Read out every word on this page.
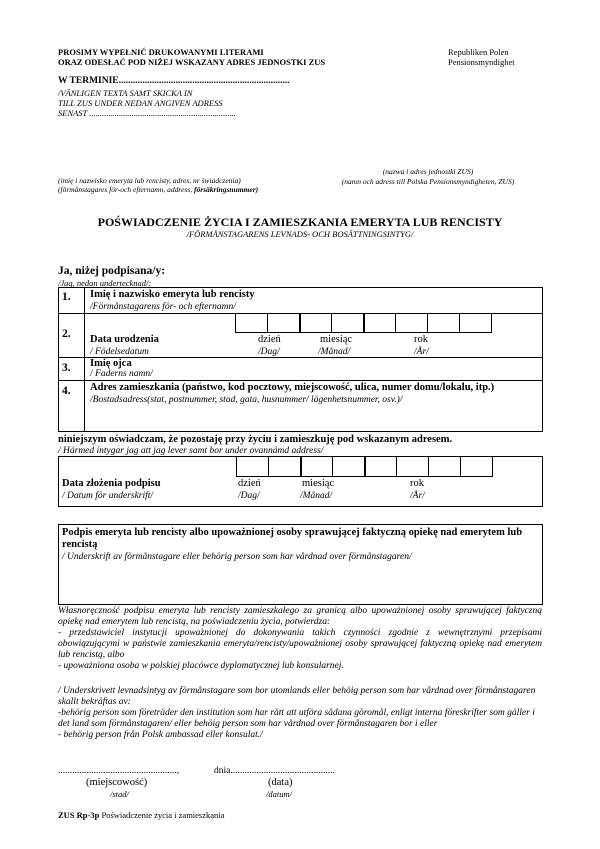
PROSIMY WYPEŁNIĆ DRUKOWANYMI LITERAMI
ORAZ ODESŁAĆ POD NIŻEJ WSKAZANY ADRES JEDNOSTKI ZUS
Republiken Polen
Pensionsmyndighet
W TERMINIE........................................................................
/VÄNLIGEN TEXTA SAMT SKICKA IN
TILL ZUS UNDER NEDAN ANGIVEN ADRESS
SENAST .....................................................................
(imię i nazwisko emeryta lub rencisty, adres, nr świadczenia)
(förmånstagares för-och efternamn, address, försäkringsnummer)
(nazwa i adres jednostki ZUS)
(namn och adress till Polska Pensionsmyndigheten, ZUS)
POŚWIADCZENIE ŻYCIA I ZAMIESZKANIA EMERYTA LUB RENCISTY
/FÖRMÅNSTAGARENS LEVNADS- OCH BOSÄTTNINGSINTYG/
Ja, niżej podpisana/y:
/Jag, nedan undertecknad/:
1. Imię i nazwisko emeryta lub rencisty
/Förmånstagarens för- och efternamn/
2. Data urodzenia
/ Födelsedatum
dzień
/Dag/
miesiąc
/Månad/
rok
/År/
3. Imię ojca
/ Faderns namn/
4. Adres zamieszkania (państwo, kod pocztowy, miejscowość, ulica, numer domu/lokalu, itp.)
/Bostadsadress(stat, postnummer, stad, gata, husnummer/ lägenhetsnummer, osv.)/
niniejszym oświadczam, że pozostaję przy życiu i zamieszkuję pod wskazanym adresem.
/ Härmed intygar jag att jag lever samt bor under ovannämd address/
Data złożenia podpisu
/ Datum för underskrift/
dzień
/Dag/
miesiąc
/Månad/
rok
/År/
Podpis emeryta lub rencisty albo upoważnionej osoby sprawującej faktyczną opiekę nad emerytem lub rencistą
/ Underskrift av förmånstagare eller behörig person som har vårdnad over förmånstagaren/

Własnoręczność podpisu emeryta lub rencisty zamieszkałego za granicą albo upoważnionej osoby sprawującej faktyczną opiekę nad emerytem lub rencistą, na poświadczeniu życia, potwierdza:

- przedstawiciel instytucji upoważnionej do dokonywania takich czynności zgodnie z wewnętrznymi przepisami obowiązującymi w państwie zamieszkania emeryta/rencisty/upoważnionej osoby sprawującej faktyczną opiekę nad emerytem lub rencistą, albo

- upoważniona osoba w polskiej placówce dyplomatycznej lub konsularnej.

/ Underskrivett levnadsintyg av förmånstagare som bor utomlands eller behöig person som har vårdnad over förmånstagaren skallt bekräftas av:

-behörig person som företräder den institution som har rätt att utföra sådana göromål, enligt interna föreskrifter som gäller i det land som förmånstagaren/ eller behöig person som har vårdnad over förmånstagaren bor i eller

- behörig person från Polsk ambassad eller konsulat./

..................................................,	dnia............................................
(miejscowość)
/stad/
(data)
/datum/
ZUS Rp-3p Poświadczenie życia i zamieszkania
